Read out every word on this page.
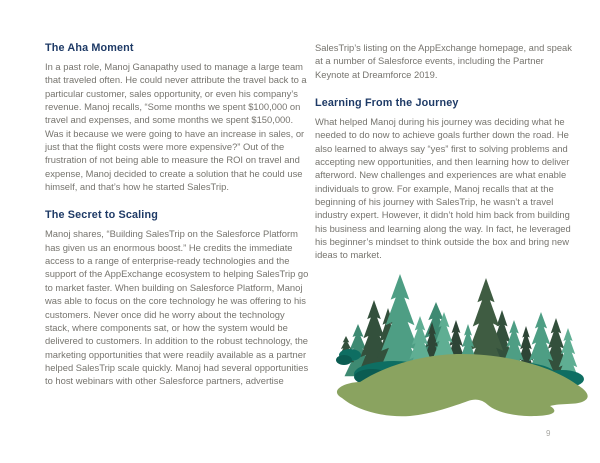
The Aha Moment

In a past role, Manoj Ganapathy used to manage a large team that traveled often. He could never attribute the travel back to a particular customer, sales opportunity, or even his company’s revenue. Manoj recalls, “Some months we spent $100,000 on travel and expenses, and some months we spent $150,000. Was it because we were going to have an increase in sales, or just that the flight costs were more expensive?” Out of the frustration of not being able to measure the ROI on travel and expense, Manoj decided to create a solution that he could use himself, and that’s how he started SalesTrip.

The Secret to Scaling

Manoj shares, “Building SalesTrip on the Salesforce Platform has given us an enormous boost.” He credits the immediate access to a range of enterprise-ready technologies and the support of the AppExchange ecosystem to helping SalesTrip go to market faster. When building on Salesforce Platform, Manoj was able to focus on the core technology he was offering to his customers. Never once did he worry about the technology stack, where components sat, or how the system would be delivered to customers. In addition to the robust technology, the marketing opportunities that were readily available as a partner helped SalesTrip scale quickly. Manoj had several opportunities to host webinars with other Salesforce partners, advertise

SalesTrip’s listing on the AppExchange homepage, and speak at a number of Salesforce events, including the Partner Keynote at Dreamforce 2019.

Learning From the Journey

What helped Manoj during his journey was deciding what he needed to do now to achieve goals further down the road. He also learned to always say “yes” first to solving problems and accepting new opportunities, and then learning how to deliver afterword. New challenges and experiences are what enable individuals to grow. For example, Manoj recalls that at the beginning of his journey with SalesTrip, he wasn’t a travel industry expert. However, it didn’t hold him back from building his business and learning along the way. In fact, he leveraged his beginner’s mindset to think outside the box and bring new ideas to market.

9
